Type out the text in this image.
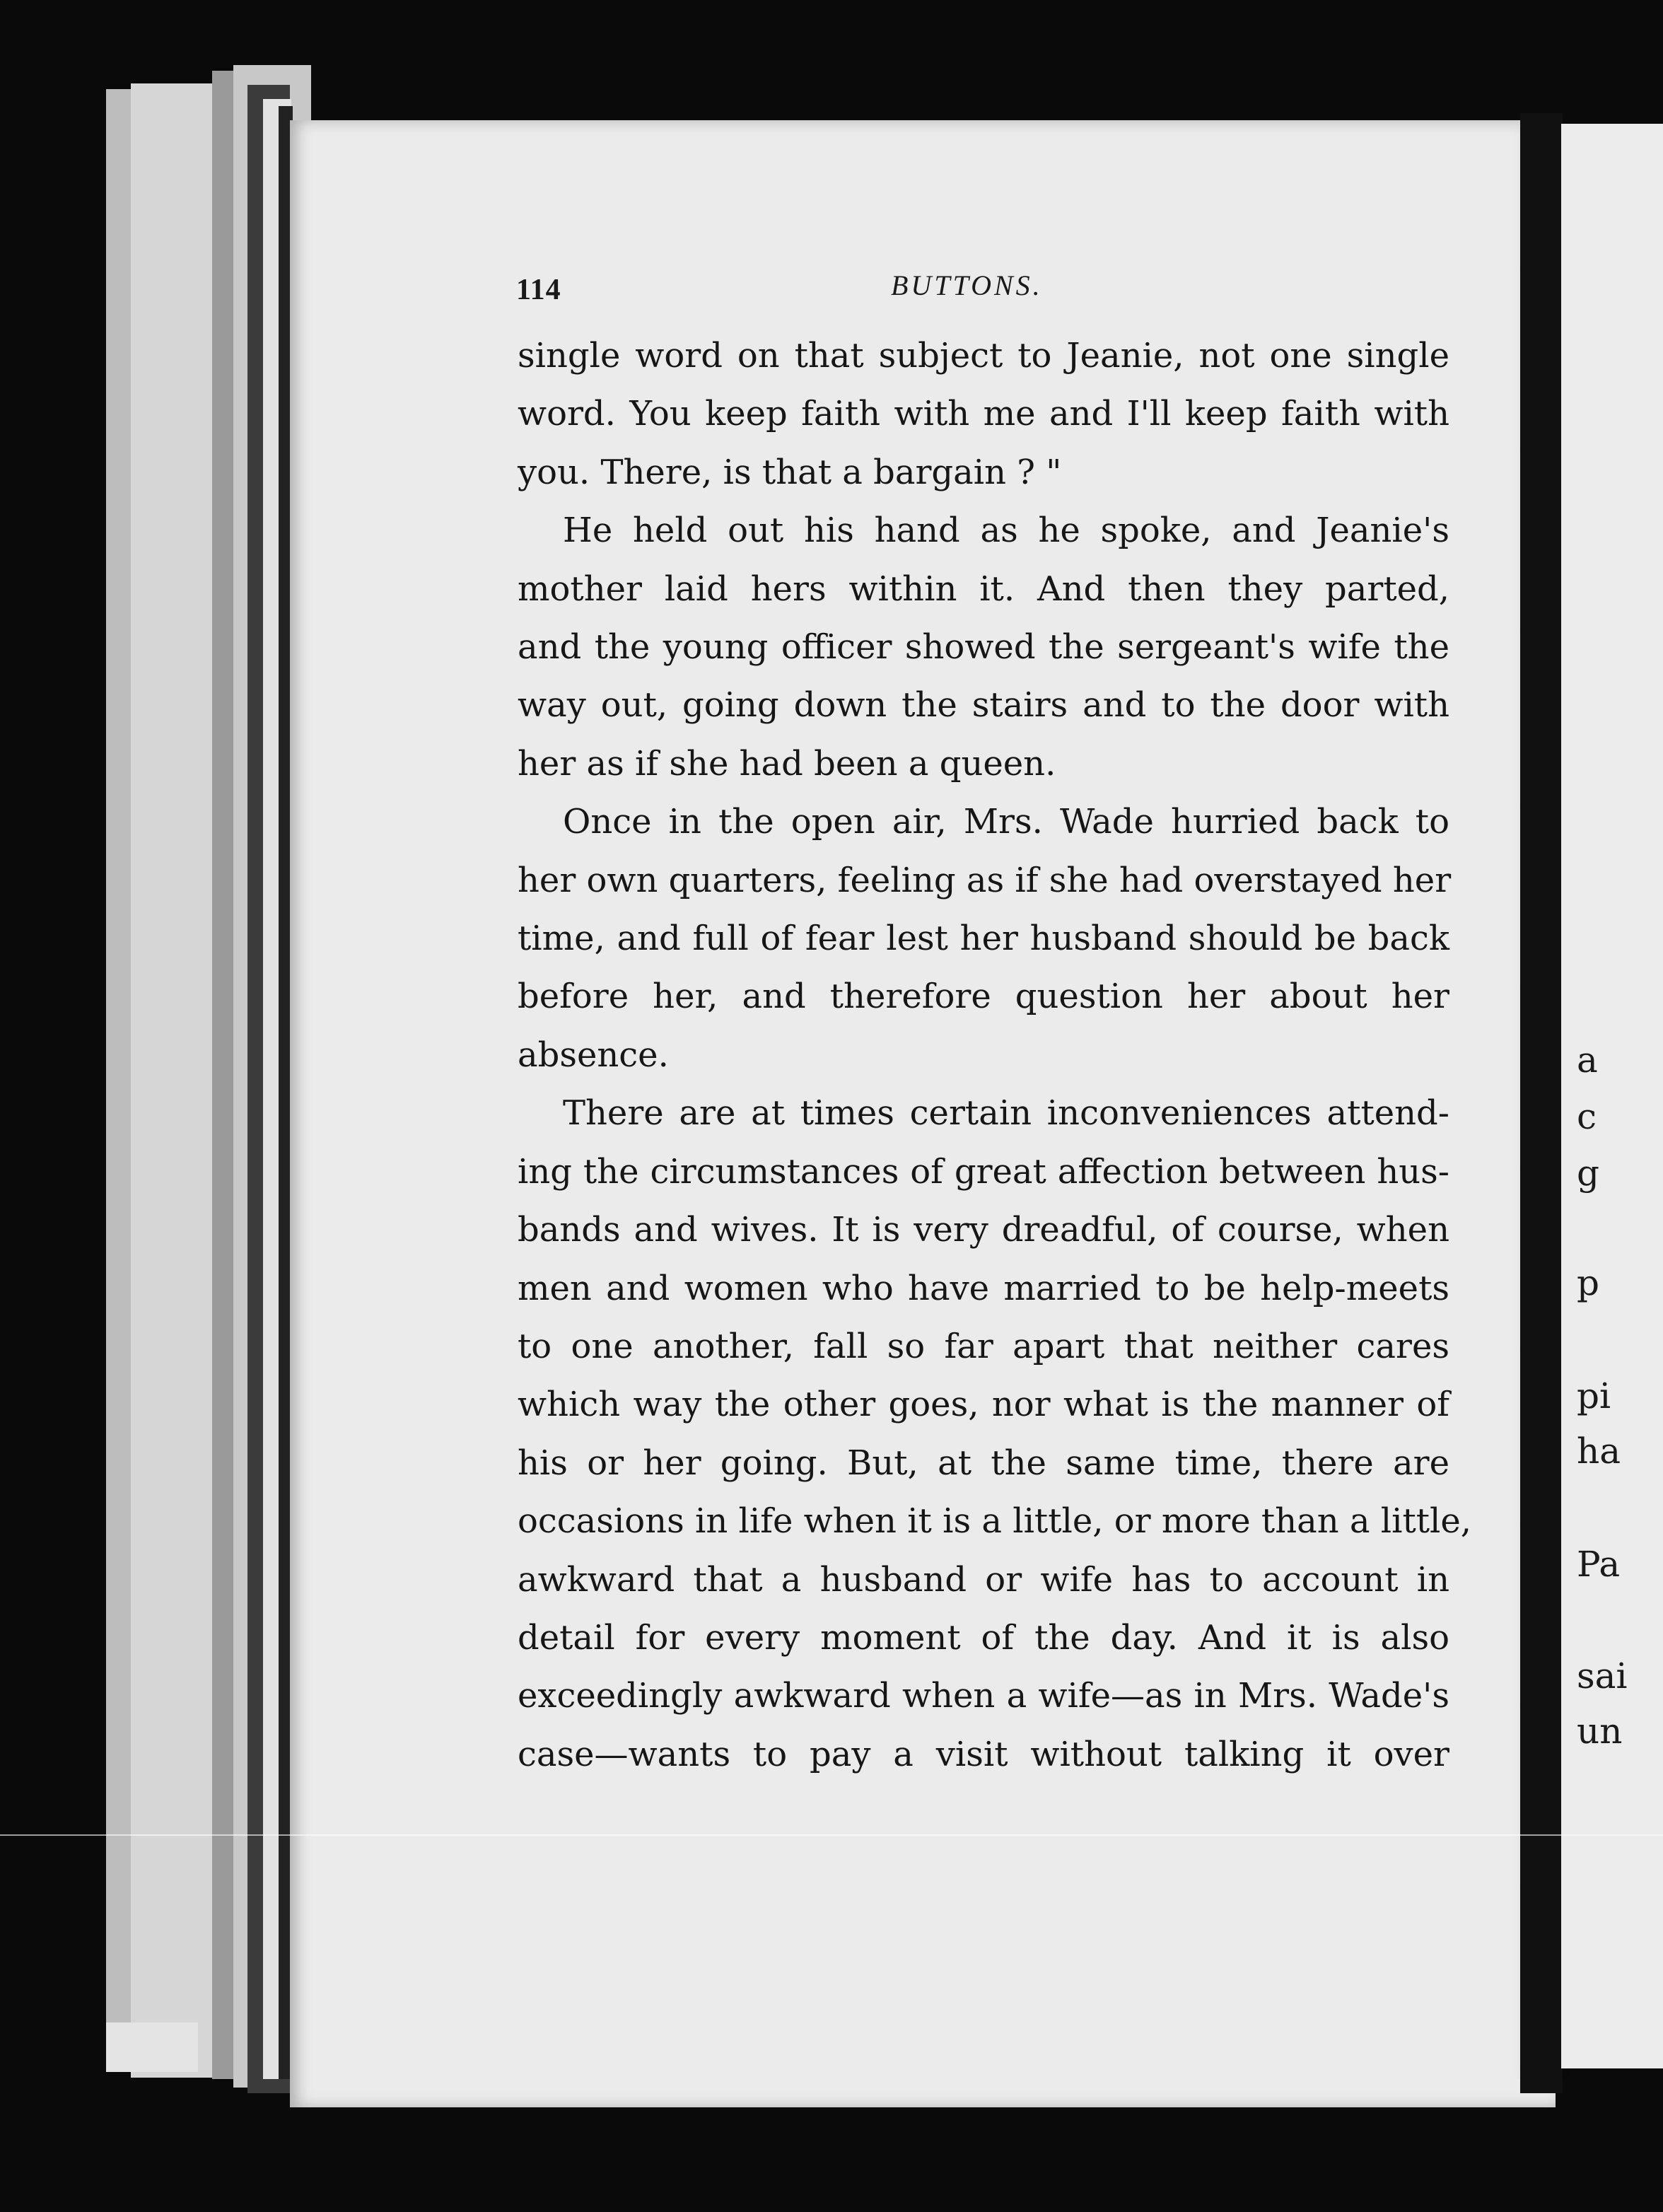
a
c
g
p
pi
ha
Pa
sai
un
114	BUTTONS.
single word on that subject to Jeanie, not one single
word. You keep faith with me and I'll keep faith with
you. There, is that a bargain ? "
He held out his hand as he spoke, and Jeanie's
mother laid hers within it. And then they parted,
and the young officer showed the sergeant's wife the
way out, going down the stairs and to the door with
her as if she had been a queen.
Once in the open air, Mrs. Wade hurried back to
her own quarters, feeling as if she had overstayed her
time, and full of fear lest her husband should be back
before her, and therefore question her about her
absence.
There are at times certain inconveniences attend-
ing the circumstances of great affection between hus-
bands and wives. It is very dreadful, of course, when
men and women who have married to be help-meets
to one another, fall so far apart that neither cares
which way the other goes, nor what is the manner of
his or her going. But, at the same time, there are
occasions in life when it is a little, or more than a little,
awkward that a husband or wife has to account in
detail for every moment of the day. And it is also
exceedingly awkward when a wife—as in Mrs. Wade's
case—wants to pay a visit without talking it over
